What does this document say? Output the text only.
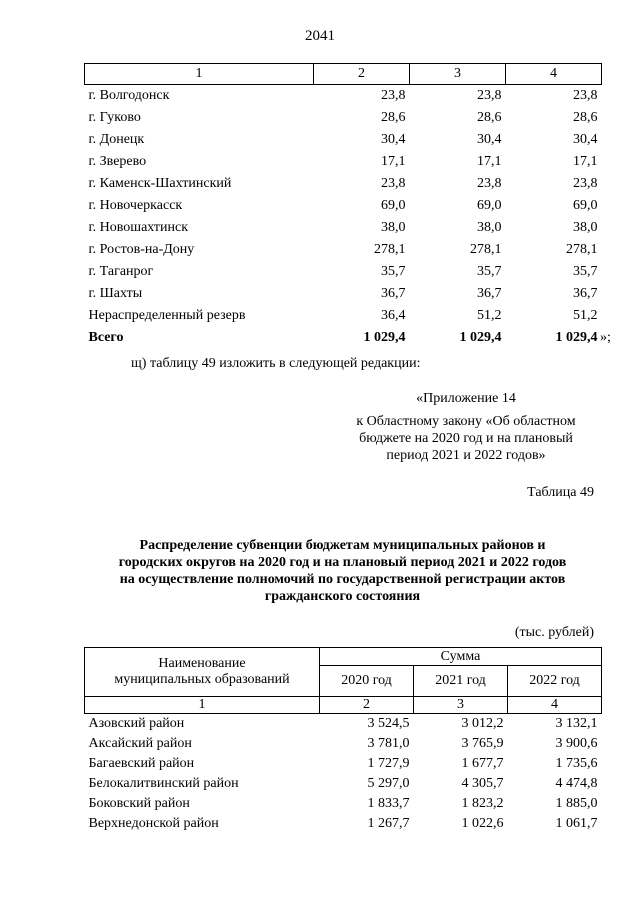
2041
1	2	3	4
г. Волгодонск	23,8	23,8	23,8
г. Гуково	28,6	28,6	28,6
г. Донецк	30,4	30,4	30,4
г. Зверево	17,1	17,1	17,1
г. Каменск-Шахтинский	23,8	23,8	23,8
г. Новочеркасск	69,0	69,0	69,0
г. Новошахтинск	38,0	38,0	38,0
г. Ростов-на-Дону	278,1	278,1	278,1
г. Таганрог	35,7	35,7	35,7
г. Шахты	36,7	36,7	36,7
Нераспределенный резерв	36,4	51,2	51,2
Всего	1 029,4	1 029,4	1 029,4 »;
щ) таблицу 49 изложить в следующей редакции:
«Приложение 14
к Областному закону «Об областном
бюджете на 2020 год и на плановый
период 2021 и 2022 годов»
Таблица 49
Распределение субвенции бюджетам муниципальных районов и
городских округов на 2020 год и на плановый период 2021 и 2022 годов
на осуществление полномочий по государственной регистрации актов
гражданского состояния
(тыс. рублей)
Наименование
муниципальных образований	Сумма		
	2020 год	2021 год	2022 год
1	2	3	4
Азовский район	3 524,5	3 012,2	3 132,1
Аксайский район	3 781,0	3 765,9	3 900,6
Багаевский район	1 727,9	1 677,7	1 735,6
Белокалитвинский район	5 297,0	4 305,7	4 474,8
Боковский район	1 833,7	1 823,2	1 885,0
Верхнедонской район	1 267,7	1 022,6	1 061,7
